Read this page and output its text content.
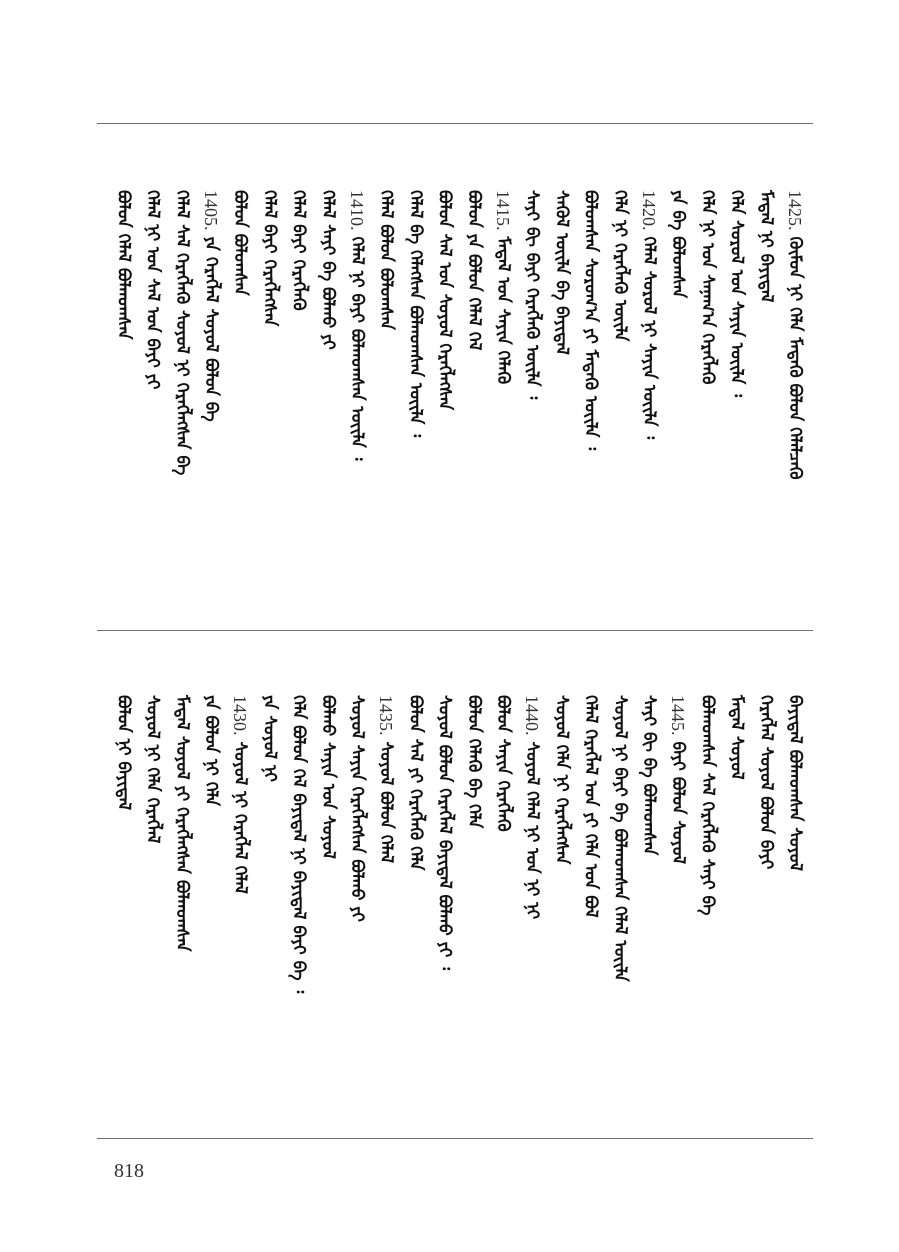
1425.ᠬᠦᠮᠦᠨ ᠨᠢ ᠬᠡᠯᠡ ᠮᠡᠳᠡᠬᠦ ᠪᠣᠯᠤᠨ ᠬᠡᠯᠡᠯᠴᠡᠬᠦ
ᠮᠡᠳᠡᠯ ᠨᠢ ᠪᠠᠶᠢᠳᠠᠯ
ᠬᠡᠯᠡ ᠰᠤᠷᠤᠯ ᠤᠨ ᠰᠠᠶᠢᠨ ᠦᠢᠯᠡ ᠄
ᠬᠡᠯᠡ ᠨᠢ ᠤᠨ ᠰᠠᠨᠠᠭ᠎ᠠ ᠬᠡᠷᠡᠭᠯᠡᠬᠦ
ᠶᠠ ᠪᠠ ᠪᠣᠯᠣᠭᠰᠠᠨ
1420.ᠬᠡᠯᠡᠯ ᠰᠤᠷᠤᠯ ᠨᠢ ᠰᠠᠶᠢᠨ ᠦᠢᠯᠡ ᠄
ᠬᠡᠯᠡ ᠨᠢ ᠬᠡᠷᠡᠭᠯᠡᠬᠦ ᠦᠢᠯᠡ
ᠪᠣᠯᠤᠭᠰᠠᠨ ᠰᠤᠷᠤᠭ᠎ᠠ ᠶᠢ ᠮᠡᠳᠡᠬᠦ ᠦᠢᠯᠡ ᠄
ᠰᠡᠭᠦᠯ ᠦᠢᠯᠡ ᠪᠠ ᠪᠠᠶᠢᠳᠠᠯ
ᠰᠠᠶᠢ ᠪᠢ ᠪᠠᠶᠢ ᠬᠡᠷᠡᠭᠯᠡᠬᠦ ᠦᠢᠯᠡ ᠄
1415.ᠮᠡᠳᠡᠯ ᠤᠨ ᠰᠠᠶᠢᠨ ᠬᠡᠯᠡᠬᠦ
ᠪᠣᠯᠤᠨ ᠶᠠ ᠪᠣᠯᠤᠨ ᠬᠡᠯᠡᠯ ᠬᠡᠯ
ᠪᠣᠯᠤᠨ ᠰᠡᠯ ᠤᠨ ᠰᠣᠶᠣᠯ ᠬᠡᠷᠡᠭᠯᠡᠭᠰᠡᠨ
ᠬᠡᠯᠡᠯ ᠪᠠ ᠬᠡᠯᠡᠭᠰᠡᠨ ᠪᠣᠯᠬᠣᠭᠰᠠᠨ ᠦᠢᠯᠡ ᠄
ᠬᠡᠯᠡᠯ ᠪᠣᠯᠤᠨ ᠪᠣᠯᠤᠭᠰᠠᠨ
1410.ᠬᠡᠯᠡᠯ ᠨᠢ ᠪᠠᠶᠢ ᠪᠣᠯᠬᠣᠭᠰᠠᠨ ᠦᠢᠯᠡ ᠄
ᠬᠡᠯᠡᠯ ᠰᠠᠶᠢ ᠪᠠ ᠪᠣᠯᠬᠣ ᠶᠢ
ᠬᠡᠯᠡᠯ ᠪᠠᠶᠢ ᠬᠡᠷᠡᠭᠯᠡᠬᠦ
ᠬᠡᠯᠡᠯ ᠪᠠᠶᠢ ᠬᠡᠷᠡᠭᠯᠡᠭᠰᠡᠨ
ᠪᠣᠯᠤᠨ ᠪᠣᠯᠤᠭᠰᠠᠨ
1405.ᠶᠠ ᠬᠡᠷᠡᠭᠯᠡᠯ ᠰᠣᠶᠣᠯ ᠪᠣᠯᠤᠨ ᠪᠠ
ᠬᠡᠯᠡᠯ ᠰᠡᠯ ᠬᠡᠷᠡᠭᠯᠡᠬᠦ ᠰᠣᠶᠣᠯ ᠨᠢ ᠬᠡᠷᠡᠭᠯᠡᠭᠰᠡᠨ ᠪᠠ
ᠬᠡᠯᠡᠯ ᠨᠢ ᠤᠨ ᠰᠡᠯ ᠤᠨ ᠪᠠᠶᠢ ᠶᠢ
ᠪᠣᠯᠤᠨ ᠬᠡᠯᠡᠯ ᠪᠣᠯᠬᠣᠭᠰᠠᠨ
ᠪᠠᠶᠢᠳᠠᠯ ᠪᠣᠯᠬᠣᠭᠰᠠᠨ ᠰᠣᠶᠣᠯ
ᠬᠡᠷᠡᠭᠯᠡᠯ ᠰᠣᠶᠣᠯ ᠪᠣᠯᠤᠨ ᠪᠠᠶᠢ
ᠮᠡᠳᠡᠯ ᠰᠣᠶᠣᠯ
ᠪᠣᠯᠬᠣᠭᠰᠠᠨ ᠰᠡᠯ ᠬᠡᠷᠡᠭᠯᠡᠬᠦ ᠰᠠᠶᠢ ᠪᠠ
1445.ᠪᠠᠶᠢ ᠪᠣᠯᠤᠨ ᠰᠣᠶᠣᠯ
ᠰᠠᠶᠢ ᠪᠢ ᠪᠠ ᠪᠣᠯᠬᠣᠭᠰᠠᠨ
ᠰᠣᠶᠣᠯ ᠨᠢ ᠪᠠᠶᠢ ᠪᠠ ᠪᠣᠯᠬᠣᠭᠰᠠᠨ ᠬᠡᠯᠡᠯ ᠦᠢᠯᠡ
ᠬᠡᠯᠡᠯ ᠬᠡᠷᠡᠭᠯᠡᠯ ᠤᠨ ᠶᠢ ᠬᠡᠯᠡ ᠤᠨ ᠪᠣᠯ
ᠰᠣᠶᠣᠯ ᠬᠡᠯᠡ ᠨᠢ ᠬᠡᠷᠡᠭᠯᠡᠭᠰᠡᠨ
1440.ᠰᠣᠶᠣᠯ ᠬᠡᠯᠡᠯ ᠨᠢ ᠤᠨ ᠨᠢ ᠨᠢ
ᠪᠣᠯᠤᠨ ᠰᠠᠶᠢᠨ ᠬᠡᠷᠡᠭᠯᠡᠬᠦ
ᠪᠣᠯᠤᠨ ᠬᠡᠯᠡᠬᠦ ᠪᠠ ᠬᠡᠯᠡ
ᠰᠣᠶᠣᠯ ᠪᠣᠯᠤᠨ ᠬᠡᠷᠡᠭᠯᠡᠯ ᠪᠠᠶᠢᠳᠠᠯ ᠪᠣᠯᠬᠣ ᠶᠢ ᠄
ᠪᠣᠯᠤᠨ ᠰᠡᠯ ᠶᠢ ᠬᠡᠷᠡᠭᠯᠡᠬᠦ ᠬᠡᠯᠡ
1435.ᠰᠣᠶᠣᠯ ᠪᠣᠯᠤᠨ ᠬᠡᠯᠡᠯ
ᠰᠣᠶᠣᠯ ᠰᠠᠶᠢᠨ ᠬᠡᠷᠡᠭᠯᠡᠭᠰᠡᠨ ᠪᠣᠯᠬᠣ ᠶᠢ
ᠪᠣᠯᠬᠣ ᠰᠠᠶᠢᠨ ᠤᠨ ᠰᠣᠶᠣᠯ
ᠬᠡᠯᠡ ᠪᠣᠯᠤᠨ ᠬᠡᠯ ᠪᠠᠶᠢᠳᠠᠯ ᠨᠢ ᠪᠠᠶᠢᠳᠠᠯ ᠪᠠᠶᠢ ᠪᠠ ᠄
ᠶᠠ ᠰᠣᠶᠣᠯ ᠨᠢ
1430.ᠰᠣᠶᠣᠯ ᠨᠢ ᠬᠡᠷᠡᠭᠯᠡᠯ ᠬᠡᠯᠡᠯ
ᠶᠠ ᠪᠣᠯᠤᠨ ᠨᠢ ᠬᠡᠯᠡ
ᠮᠡᠳᠡᠯ ᠰᠣᠶᠣᠯ ᠶᠢ ᠬᠡᠷᠡᠭᠯᠡᠭᠰᠡᠨ ᠪᠣᠯᠬᠣᠭᠰᠠᠨ
ᠰᠣᠶᠣᠯ ᠨᠢ ᠬᠡᠯᠡ ᠬᠡᠷᠡᠭᠯᠡᠯ
ᠪᠣᠯᠤᠨ ᠨᠢ ᠪᠠᠶᠢᠳᠠᠯ
818
